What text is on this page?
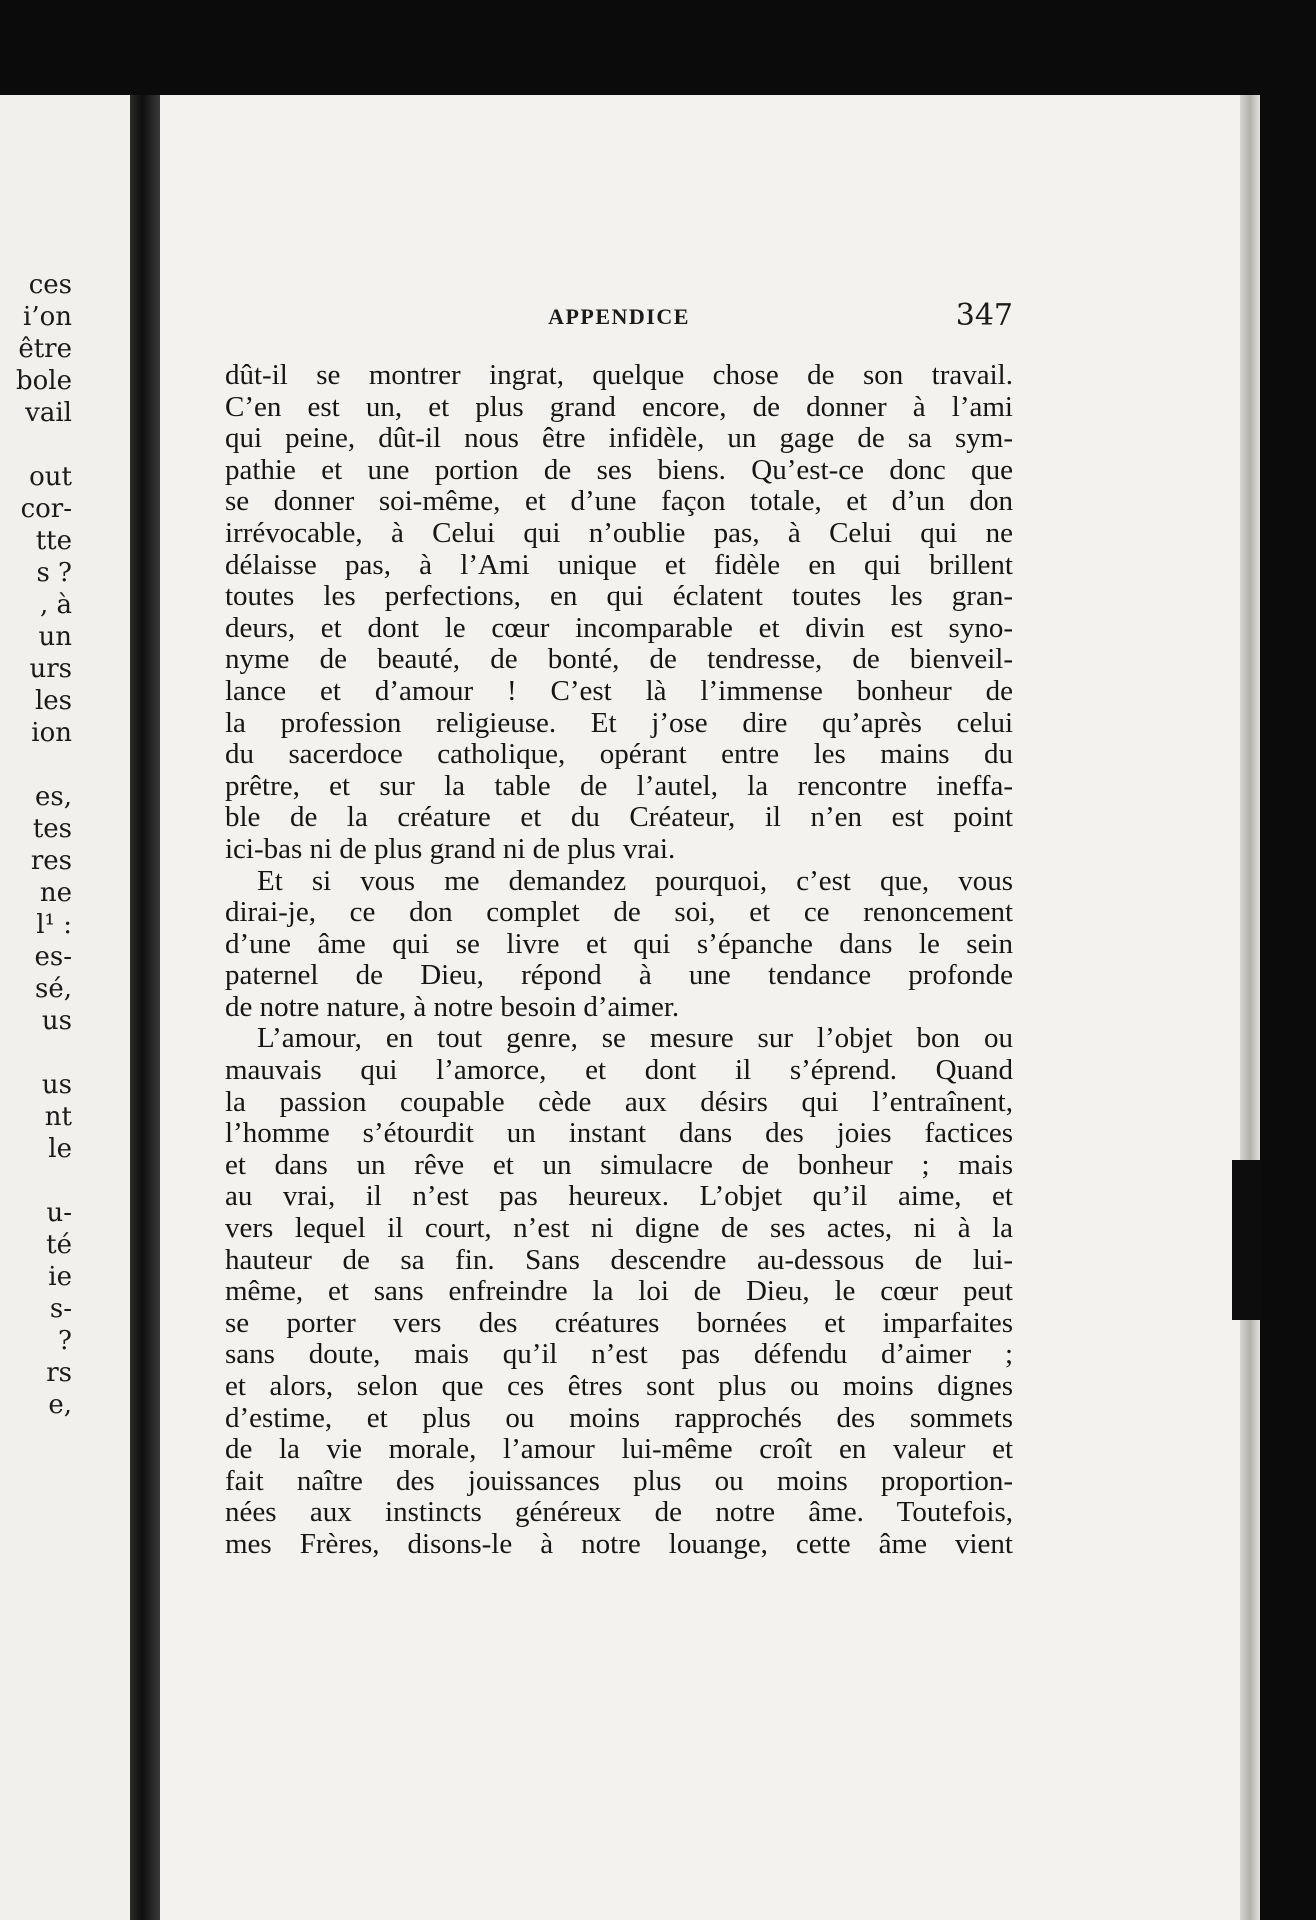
ces
i’on
être
bole
vail
out
cor-
tte
s ?
, à
un
urs
les
ion
es,
tes
res
ne
l¹ :
es-
sé,
us
us
nt
le
u-
té
ie
s-
?
rs
e,
APPENDICE	347
dût-il se montrer ingrat, quelque chose de son travail.
C’en est un, et plus grand encore, de donner à l’ami
qui peine, dût-il nous être infidèle, un gage de sa sym-
pathie et une portion de ses biens. Qu’est-ce donc que
se donner soi-même, et d’une façon totale, et d’un don
irrévocable, à Celui qui n’oublie pas, à Celui qui ne
délaisse pas, à l’Ami unique et fidèle en qui brillent
toutes les perfections, en qui éclatent toutes les gran-
deurs, et dont le cœur incomparable et divin est syno-
nyme de beauté, de bonté, de tendresse, de bienveil-
lance et d’amour ! C’est là l’immense bonheur de
la profession religieuse. Et j’ose dire qu’après celui
du sacerdoce catholique, opérant entre les mains du
prêtre, et sur la table de l’autel, la rencontre ineffa-
ble de la créature et du Créateur, il n’en est point
ici-bas ni de plus grand ni de plus vrai.
Et si vous me demandez pourquoi, c’est que, vous
dirai-je, ce don complet de soi, et ce renoncement
d’une âme qui se livre et qui s’épanche dans le sein
paternel de Dieu, répond à une tendance profonde
de notre nature, à notre besoin d’aimer.
L’amour, en tout genre, se mesure sur l’objet bon ou
mauvais qui l’amorce, et dont il s’éprend. Quand
la passion coupable cède aux désirs qui l’entraînent,
l’homme s’étourdit un instant dans des joies factices
et dans un rêve et un simulacre de bonheur ; mais
au vrai, il n’est pas heureux. L’objet qu’il aime, et
vers lequel il court, n’est ni digne de ses actes, ni à la
hauteur de sa fin. Sans descendre au-dessous de lui-
même, et sans enfreindre la loi de Dieu, le cœur peut
se porter vers des créatures bornées et imparfaites
sans doute, mais qu’il n’est pas défendu d’aimer ;
et alors, selon que ces êtres sont plus ou moins dignes
d’estime, et plus ou moins rapprochés des sommets
de la vie morale, l’amour lui-même croît en valeur et
fait naître des jouissances plus ou moins proportion-
nées aux instincts généreux de notre âme. Toutefois,
mes Frères, disons-le à notre louange, cette âme vient
